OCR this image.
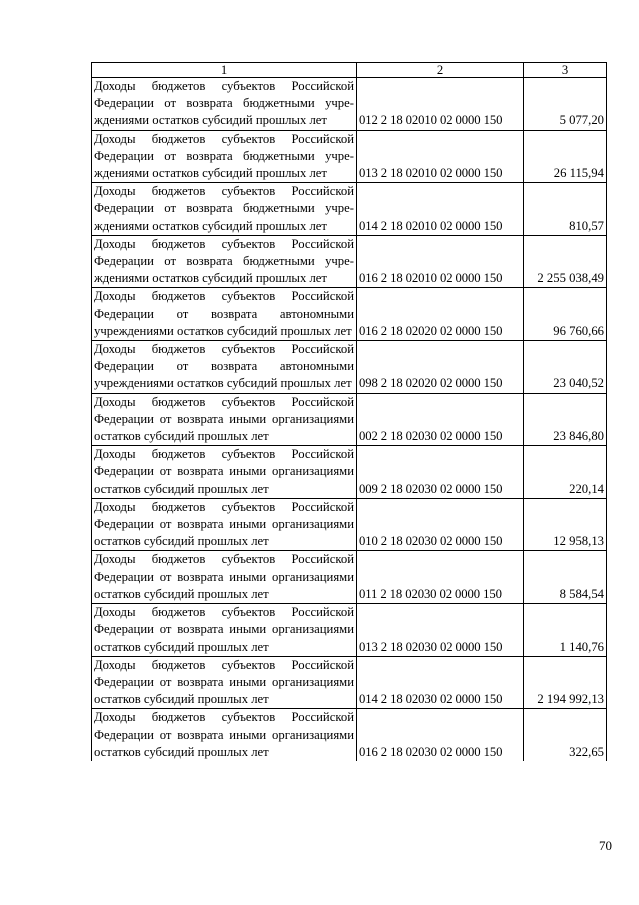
1	2	3
Доходы бюджетов субъектов Российской Федерации от возврата бюджетными учреждениями остатков субсидий прошлых лет	012 2 18 02010 02 0000 150	5 077,20
Доходы бюджетов субъектов Российской Федерации от возврата бюджетными учреждениями остатков субсидий прошлых лет	013 2 18 02010 02 0000 150	26 115,94
Доходы бюджетов субъектов Российской Федерации от возврата бюджетными учреждениями остатков субсидий прошлых лет	014 2 18 02010 02 0000 150	810,57
Доходы бюджетов субъектов Российской Федерации от возврата бюджетными учреждениями остатков субсидий прошлых лет	016 2 18 02010 02 0000 150	2 255 038,49
Доходы бюджетов субъектов Российской Федерации от возврата автономными учреждениями остатков субсидий прошлых лет	016 2 18 02020 02 0000 150	96 760,66
Доходы бюджетов субъектов Российской Федерации от возврата автономными учреждениями остатков субсидий прошлых лет	098 2 18 02020 02 0000 150	23 040,52
Доходы бюджетов субъектов Российской Федерации от возврата иными организациями остатков субсидий прошлых лет	002 2 18 02030 02 0000 150	23 846,80
Доходы бюджетов субъектов Российской Федерации от возврата иными организациями остатков субсидий прошлых лет	009 2 18 02030 02 0000 150	220,14
Доходы бюджетов субъектов Российской Федерации от возврата иными организациями остатков субсидий прошлых лет	010 2 18 02030 02 0000 150	12 958,13
Доходы бюджетов субъектов Российской Федерации от возврата иными организациями остатков субсидий прошлых лет	011 2 18 02030 02 0000 150	8 584,54
Доходы бюджетов субъектов Российской Федерации от возврата иными организациями остатков субсидий прошлых лет	013 2 18 02030 02 0000 150	1 140,76
Доходы бюджетов субъектов Российской Федерации от возврата иными организациями остатков субсидий прошлых лет	014 2 18 02030 02 0000 150	2 194 992,13
Доходы бюджетов субъектов Российской Федерации от возврата иными организациями остатков субсидий прошлых лет	016 2 18 02030 02 0000 150	322,65
70
